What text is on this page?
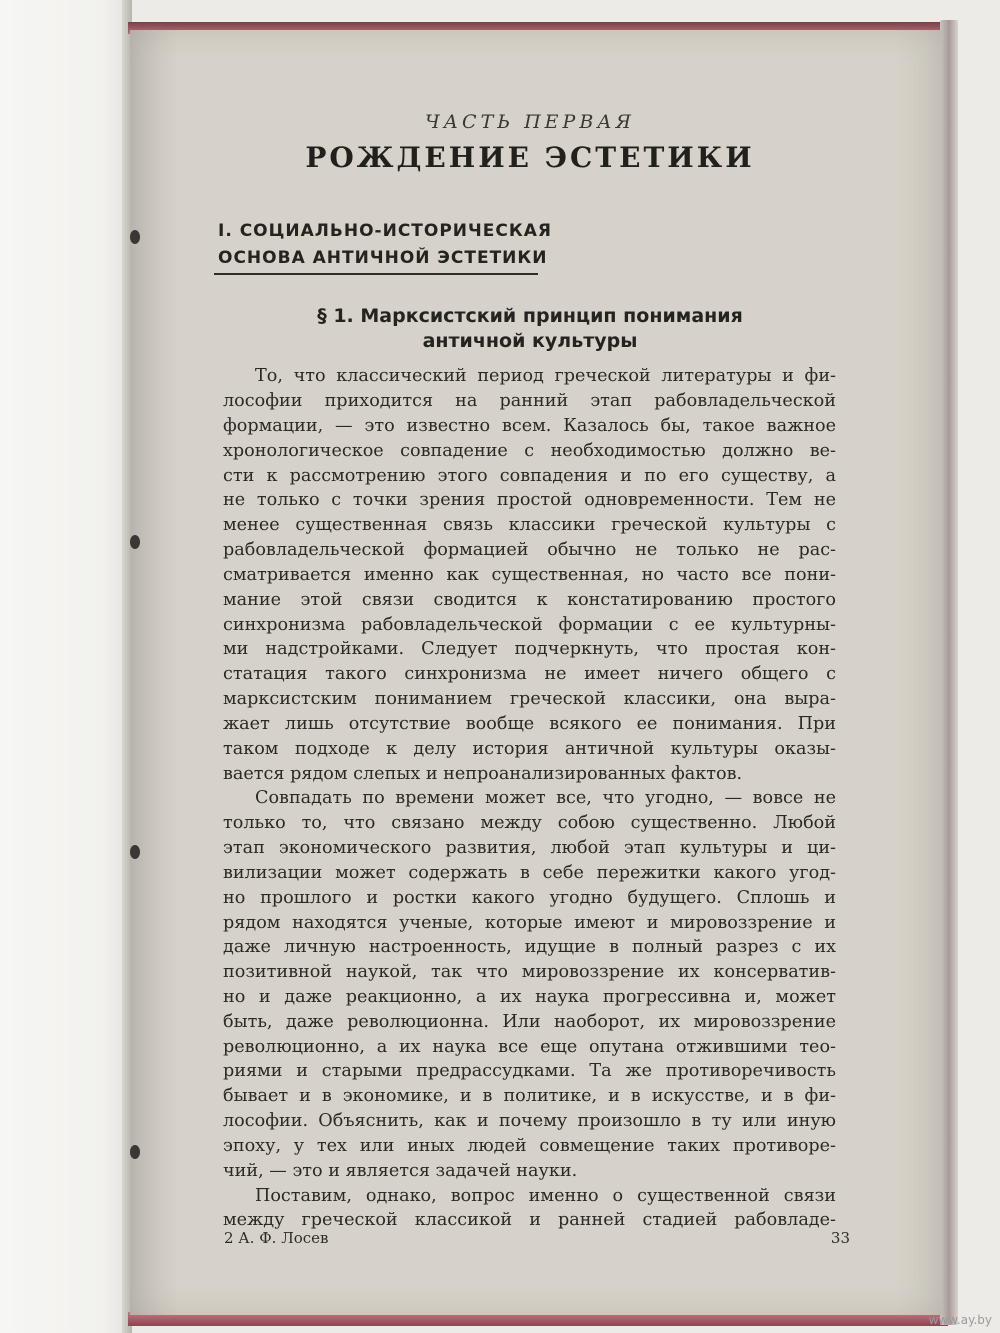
ЧАСТЬ ПЕРВАЯ
РОЖДЕНИЕ ЭСТЕТИКИ
I. СОЦИАЛЬНО-ИСТОРИЧЕСКАЯ
ОСНОВА АНТИЧНОЙ ЭСТЕТИКИ
§ 1. Марксистский принцип понимания
античной культуры
То, что классический период греческой литературы и фи-
лософии приходится на ранний этап рабовладельческой
формации, — это известно всем. Казалось бы, такое важное
хронологическое совпадение с необходимостью должно ве-
сти к рассмотрению этого совпадения и по его существу, а
не только с точки зрения простой одновременности. Тем не
менее существенная связь классики греческой культуры с
рабовладельческой формацией обычно не только не рас-
сматривается именно как существенная, но часто все пони-
мание этой связи сводится к констатированию простого
синхронизма рабовладельческой формации с ее культурны-
ми надстройками. Следует подчеркнуть, что простая кон-
статация такого синхронизма не имеет ничего общего с
марксистским пониманием греческой классики, она выра-
жает лишь отсутствие вообще всякого ее понимания. При
таком подходе к делу история античной культуры оказы-
вается рядом слепых и непроанализированных фактов.
Совпадать по времени может все, что угодно, — вовсе не
только то, что связано между собою существенно. Любой
этап экономического развития, любой этап культуры и ци-
вилизации может содержать в себе пережитки какого угод-
но прошлого и ростки какого угодно будущего. Сплошь и
рядом находятся ученые, которые имеют и мировоззрение и
даже личную настроенность, идущие в полный разрез с их
позитивной наукой, так что мировоззрение их консерватив-
но и даже реакционно, а их наука прогрессивна и, может
быть, даже революционна. Или наоборот, их мировоззрение
революционно, а их наука все еще опутана отжившими тео-
риями и старыми предрассудками. Та же противоречивость
бывает и в экономике, и в политике, и в искусстве, и в фи-
лософии. Объяснить, как и почему произошло в ту или иную
эпоху, у тех или иных людей совмещение таких противоре-
чий, — это и является задачей науки.
Поставим, однако, вопрос именно о существенной связи
между греческой классикой и ранней стадией рабовладе-
2 А. Ф. Лосев	33
www.ay.by
